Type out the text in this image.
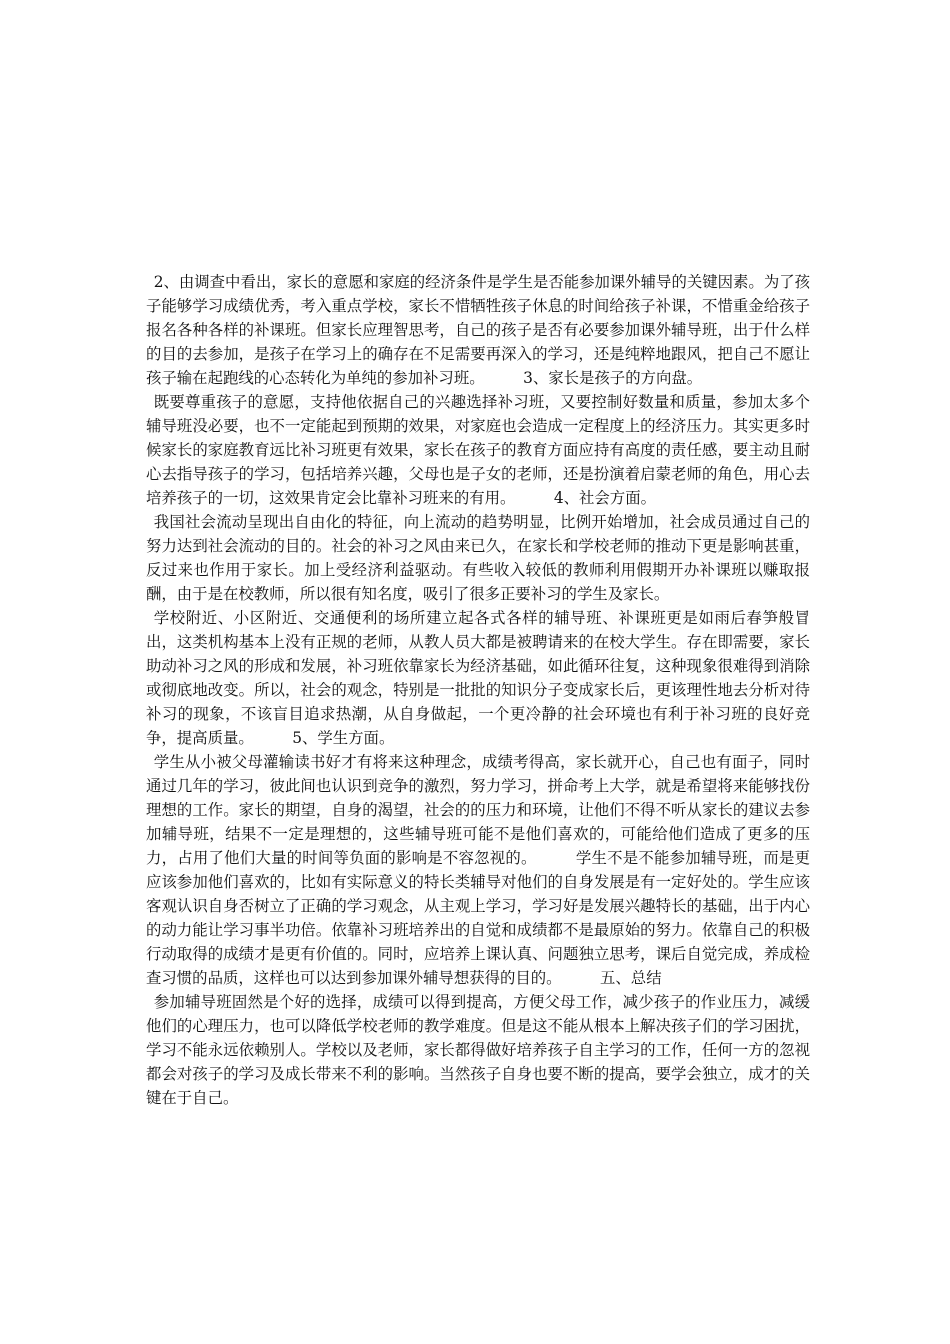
2、由调查中看出，家长的意愿和家庭的经济条件是学生是否能参加课外辅导的关键因素。为了孩子能够学习成绩优秀，考入重点学校，家长不惜牺牲孩子休息的时间给孩子补课，不惜重金给孩子报名各种各样的补课班。但家长应理智思考，自己的孩子是否有必要参加课外辅导班，出于什么样的目的去参加，是孩子在学习上的确存在不足需要再深入的学习，还是纯粹地跟风，把自己不愿让孩子输在起跑线的心态转化为单纯的参加补习班。　　　3、家长是孩子的方向盘。

既要尊重孩子的意愿，支持他依据自己的兴趣选择补习班，又要控制好数量和质量，参加太多个辅导班没必要，也不一定能起到预期的效果，对家庭也会造成一定程度上的经济压力。其实更多时候家长的家庭教育远比补习班更有效果，家长在孩子的教育方面应持有高度的责任感，要主动且耐心去指导孩子的学习，包括培养兴趣，父母也是子女的老师，还是扮演着启蒙老师的角色，用心去培养孩子的一切，这效果肯定会比靠补习班来的有用。　　　4、社会方面。

我国社会流动呈现出自由化的特征，向上流动的趋势明显，比例开始增加，社会成员通过自己的努力达到社会流动的目的。社会的补习之风由来已久，在家长和学校老师的推动下更是影响甚重，反过来也作用于家长。加上受经济利益驱动。有些收入较低的教师利用假期开办补课班以赚取报酬，由于是在校教师，所以很有知名度，吸引了很多正要补习的学生及家长。

学校附近、小区附近、交通便利的场所建立起各式各样的辅导班、补课班更是如雨后春笋般冒出，这类机构基本上没有正规的老师，从教人员大都是被聘请来的在校大学生。存在即需要，家长助动补习之风的形成和发展，补习班依靠家长为经济基础，如此循环往复，这种现象很难得到消除或彻底地改变。所以，社会的观念，特别是一批批的知识分子变成家长后，更该理性地去分析对待补习的现象，不该盲目追求热潮，从自身做起，一个更冷静的社会环境也有利于补习班的良好竞争，提高质量。　　　5、学生方面。

学生从小被父母灌输读书好才有将来这种理念，成绩考得高，家长就开心，自己也有面子，同时通过几年的学习，彼此间也认识到竞争的激烈，努力学习，拼命考上大学，就是希望将来能够找份理想的工作。家长的期望，自身的渴望，社会的的压力和环境，让他们不得不听从家长的建议去参加辅导班，结果不一定是理想的，这些辅导班可能不是他们喜欢的，可能给他们造成了更多的压力，占用了他们大量的时间等负面的影响是不容忽视的。　　　学生不是不能参加辅导班，而是更应该参加他们喜欢的，比如有实际意义的特长类辅导对他们的自身发展是有一定好处的。学生应该客观认识自身否树立了正确的学习观念，从主观上学习，学习好是发展兴趣特长的基础，出于内心的动力能让学习事半功倍。依靠补习班培养出的自觉和成绩都不是最原始的努力。依靠自己的积极行动取得的成绩才是更有价值的。同时，应培养上课认真、问题独立思考，课后自觉完成，养成检查习惯的品质，这样也可以达到参加课外辅导想获得的目的。　　　五、总结

参加辅导班固然是个好的选择，成绩可以得到提高，方便父母工作，减少孩子的作业压力，减缓他们的心理压力，也可以降低学校老师的教学难度。但是这不能从根本上解决孩子们的学习困扰，学习不能永远依赖别人。学校以及老师，家长都得做好培养孩子自主学习的工作，任何一方的忽视都会对孩子的学习及成长带来不利的影响。当然孩子自身也要不断的提高，要学会独立，成才的关键在于自己。
